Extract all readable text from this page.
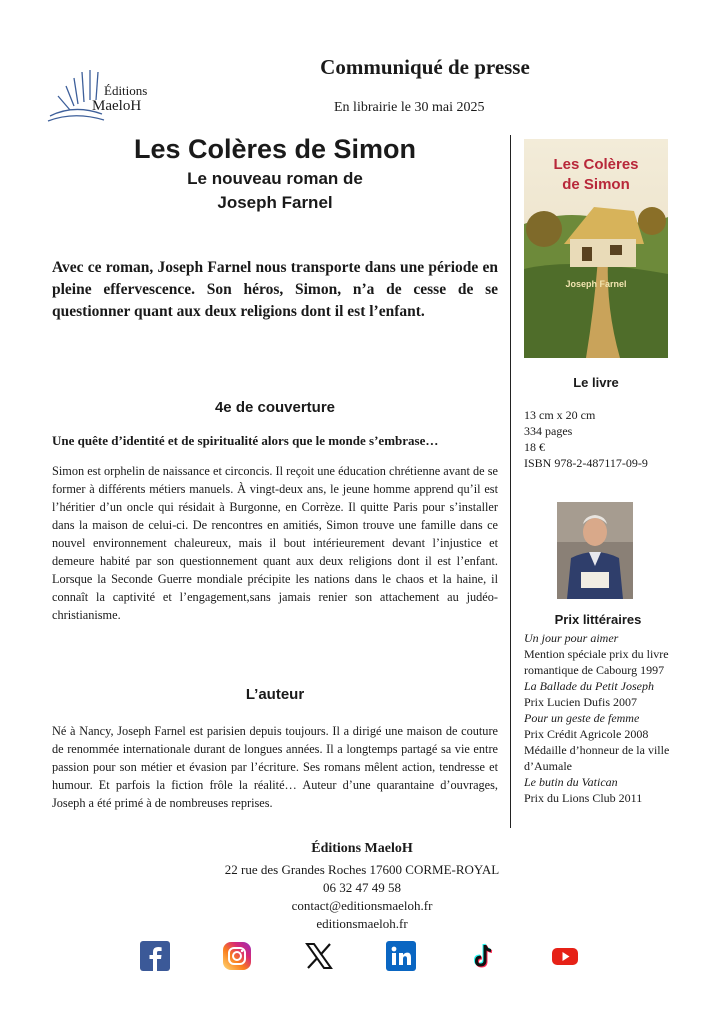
Éditions
MaeloH
Communiqué de presse
En librairie le 30 mai 2025
Les Colères de Simon
Le nouveau roman de
Joseph Farnel
Avec ce roman, Joseph Farnel nous transporte dans une période en pleine effervescence. Son héros, Simon, n’a de cesse de se questionner quant aux deux religions dont il est l’enfant.
4e de couverture
Une quête d’identité et de spiritualité alors que le monde s’embrase…
Simon est orphelin de naissance et circoncis. Il reçoit une éducation chrétienne avant de se former à différents métiers manuels. À vingt-deux ans, le jeune homme apprend qu’il est l’héritier d’un oncle qui résidait à Burgonne, en Corrèze. Il quitte Paris pour s’installer dans la maison de celui-ci. De rencontres en amitiés, Simon trouve une famille dans ce nouvel environnement chaleureux, mais il bout intérieurement devant l’injustice et demeure habité par son questionnement quant aux deux religions dont il est l’enfant. Lorsque la Seconde Guerre mondiale précipite les nations dans le chaos et la haine, il connaît la captivité et l’engagement,sans jamais renier son attachement au judéo-christianisme.
L’auteur
Né à Nancy, Joseph Farnel est parisien depuis toujours. Il a dirigé une maison de couture de renommée internationale durant de longues années. Il a longtemps partagé sa vie entre passion pour son métier et évasion par l’écriture. Ses romans mêlent action, tendresse et humour. Et parfois la fiction frôle la réalité… Auteur d’une quarantaine d’ouvrages, Joseph a été primé à de nombreuses reprises.
Les Colères
de Simon
Joseph Farnel
Le livre
13 cm x 20 cm
334 pages
18 €
ISBN 978-2-487117-09-9
Prix littéraires
Un jour pour aimer
Mention spéciale prix du livre romantique de Cabourg 1997
La Ballade du Petit Joseph
Prix Lucien Dufis 2007
Pour un geste de femme
Prix Crédit Agricole 2008 Médaille d’honneur de la ville d’Aumale
Le butin du Vatican
Prix du Lions Club 2011
Éditions MaeloH
22 rue des Grandes Roches 17600 CORME-ROYAL
06 32 47 49 58
contact@editionsmaeloh.fr
editionsmaeloh.fr
